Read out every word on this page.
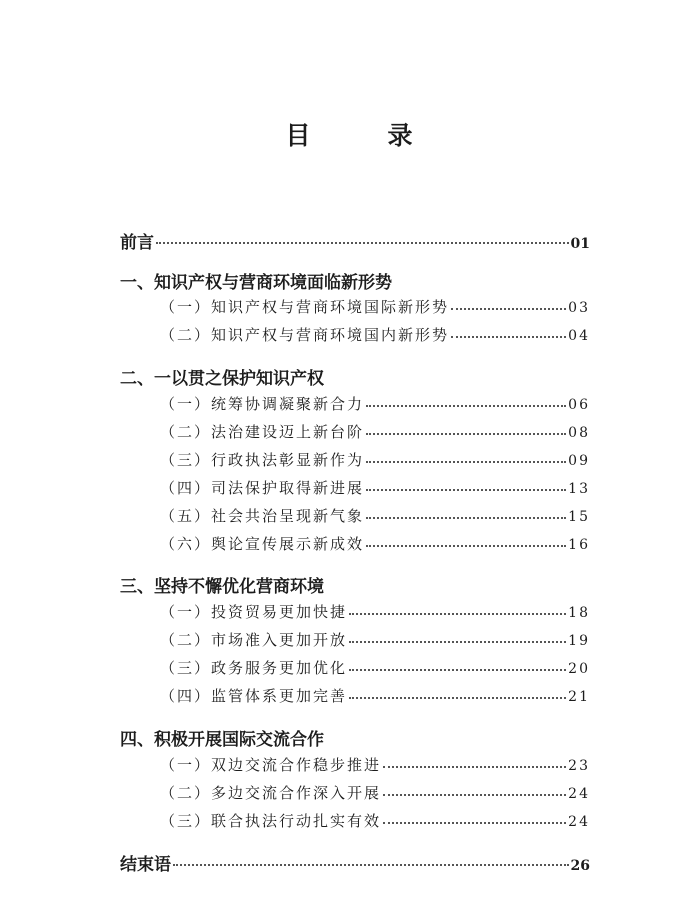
目　录
前言	01
一、知识产权与营商环境面临新形势
（一）知识产权与营商环境国际新形势	03
（二）知识产权与营商环境国内新形势	04
二、一以贯之保护知识产权
（一）统筹协调凝聚新合力	06
（二）法治建设迈上新台阶	08
（三）行政执法彰显新作为	09
（四）司法保护取得新进展	13
（五）社会共治呈现新气象	15
（六）舆论宣传展示新成效	16
三、坚持不懈优化营商环境
（一）投资贸易更加快捷	18
（二）市场准入更加开放	19
（三）政务服务更加优化	20
（四）监管体系更加完善	21
四、积极开展国际交流合作
（一）双边交流合作稳步推进	23
（二）多边交流合作深入开展	24
（三）联合执法行动扎实有效	24
结束语	26
